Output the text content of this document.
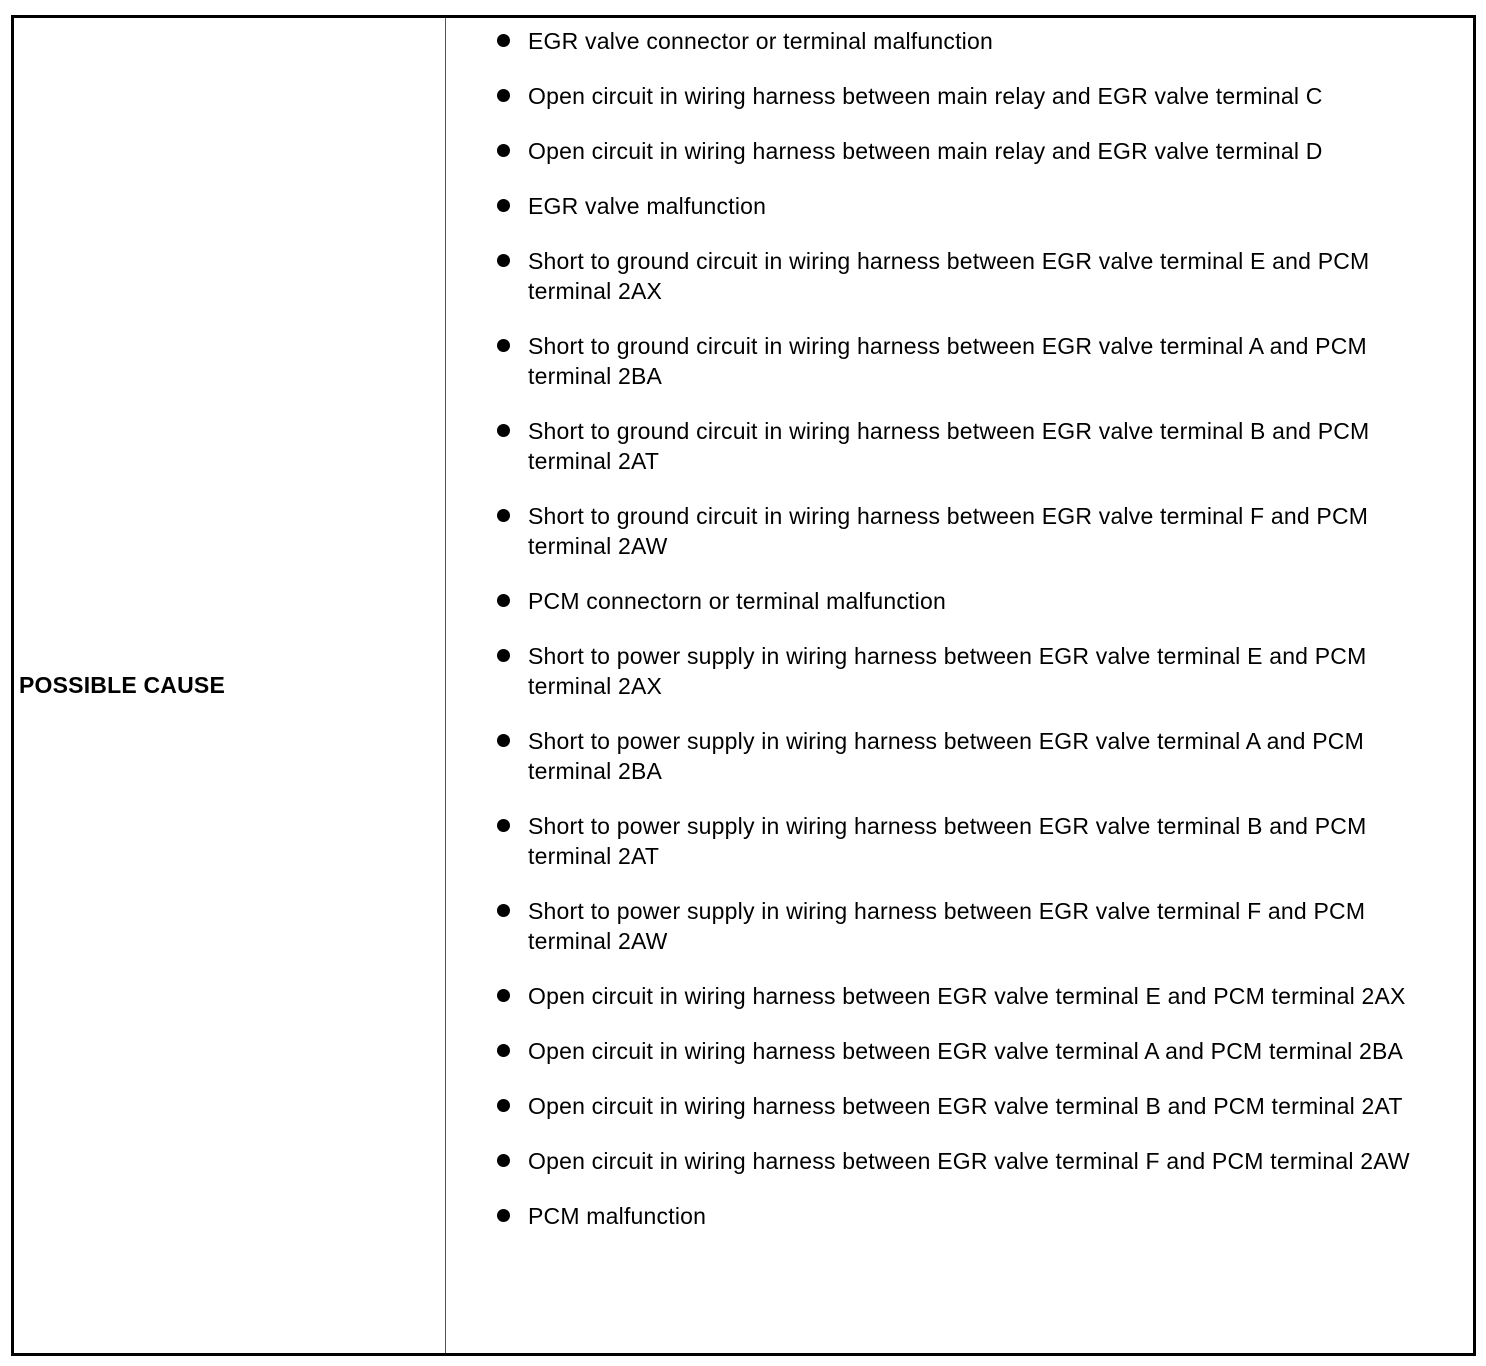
POSSIBLE CAUSE
EGR valve connector or terminal malfunction
Open circuit in wiring harness between main relay and EGR valve terminal C
Open circuit in wiring harness between main relay and EGR valve terminal D
EGR valve malfunction
Short to ground circuit in wiring harness between EGR valve terminal E and PCM terminal 2AX
Short to ground circuit in wiring harness between EGR valve terminal A and PCM terminal 2BA
Short to ground circuit in wiring harness between EGR valve terminal B and PCM terminal 2AT
Short to ground circuit in wiring harness between EGR valve terminal F and PCM terminal 2AW
PCM connectorn or terminal malfunction
Short to power supply in wiring harness between EGR valve terminal E and PCM terminal 2AX
Short to power supply in wiring harness between EGR valve terminal A and PCM terminal 2BA
Short to power supply in wiring harness between EGR valve terminal B and PCM terminal 2AT
Short to power supply in wiring harness between EGR valve terminal F and PCM terminal 2AW
Open circuit in wiring harness between EGR valve terminal E and PCM terminal 2AX
Open circuit in wiring harness between EGR valve terminal A and PCM terminal 2BA
Open circuit in wiring harness between EGR valve terminal B and PCM terminal 2AT
Open circuit in wiring harness between EGR valve terminal F and PCM terminal 2AW
PCM malfunction
